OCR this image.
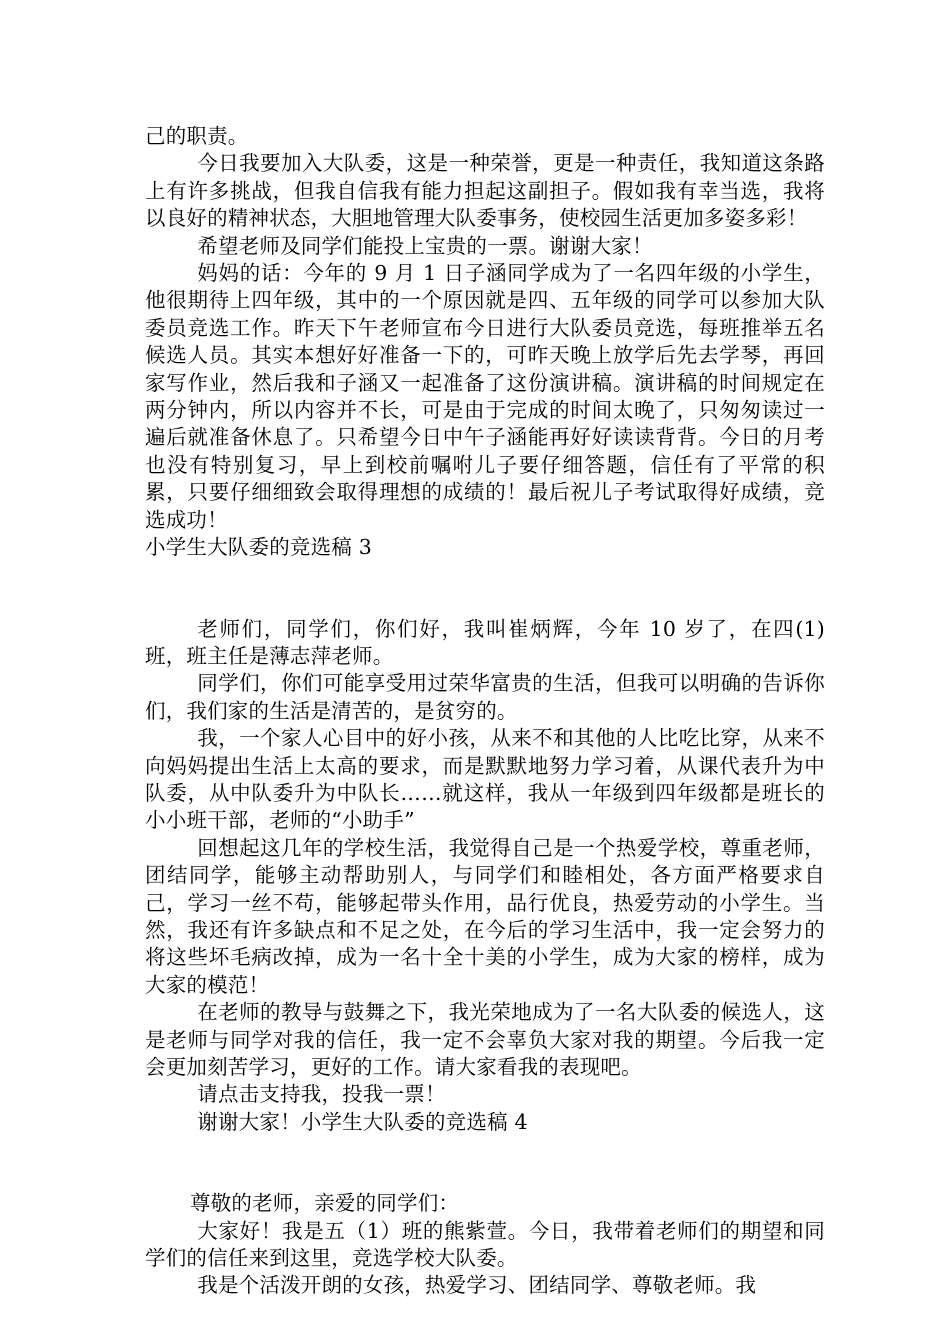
己的职责。

今日我要加入大队委，这是一种荣誉，更是一种责任，我知道这条路上有许多挑战，但我自信我有能力担起这副担子。假如我有幸当选，我将以良好的精神状态，大胆地管理大队委事务，使校园生活更加多姿多彩！

希望老师及同学们能投上宝贵的一票。谢谢大家！

妈妈的话：今年的 9 月 1 日子涵同学成为了一名四年级的小学生，他很期待上四年级，其中的一个原因就是四、五年级的同学可以参加大队委员竞选工作。昨天下午老师宣布今日进行大队委员竞选，每班推举五名候选人员。其实本想好好准备一下的，可昨天晚上放学后先去学琴，再回家写作业，然后我和子涵又一起准备了这份演讲稿。演讲稿的时间规定在两分钟内，所以内容并不长，可是由于完成的时间太晚了，只匆匆读过一遍后就准备休息了。只希望今日中午子涵能再好好读读背背。今日的月考也没有特别复习，早上到校前嘱咐儿子要仔细答题，信任有了平常的积累，只要仔细细致会取得理想的成绩的！最后祝儿子考试取得好成绩，竞选成功！

小学生大队委的竞选稿 3

老师们，同学们，你们好，我叫崔炳辉，今年 10 岁了，在四(1)班，班主任是薄志萍老师。

同学们，你们可能享受用过荣华富贵的生活，但我可以明确的告诉你们，我们家的生活是清苦的，是贫穷的。

我，一个家人心目中的好小孩，从来不和其他的人比吃比穿，从来不向妈妈提出生活上太高的要求，而是默默地努力学习着，从课代表升为中队委，从中队委升为中队长……就这样，我从一年级到四年级都是班长的小小班干部，老师的“小助手”

回想起这几年的学校生活，我觉得自己是一个热爱学校，尊重老师，团结同学，能够主动帮助别人，与同学们和睦相处，各方面严格要求自己，学习一丝不苟，能够起带头作用，品行优良，热爱劳动的小学生。当然，我还有许多缺点和不足之处，在今后的学习生活中，我一定会努力的将这些坏毛病改掉，成为一名十全十美的小学生，成为大家的榜样，成为大家的模范！

在老师的教导与鼓舞之下，我光荣地成为了一名大队委的候选人，这是老师与同学对我的信任，我一定不会辜负大家对我的期望。今后我一定会更加刻苦学习，更好的工作。请大家看我的表现吧。

请点击支持我，投我一票！

谢谢大家！小学生大队委的竞选稿 4

尊敬的老师，亲爱的同学们：

大家好！我是五（1）班的熊紫萱。今日，我带着老师们的期望和同学们的信任来到这里，竞选学校大队委。

我是个活泼开朗的女孩，热爱学习、团结同学、尊敬老师。我
